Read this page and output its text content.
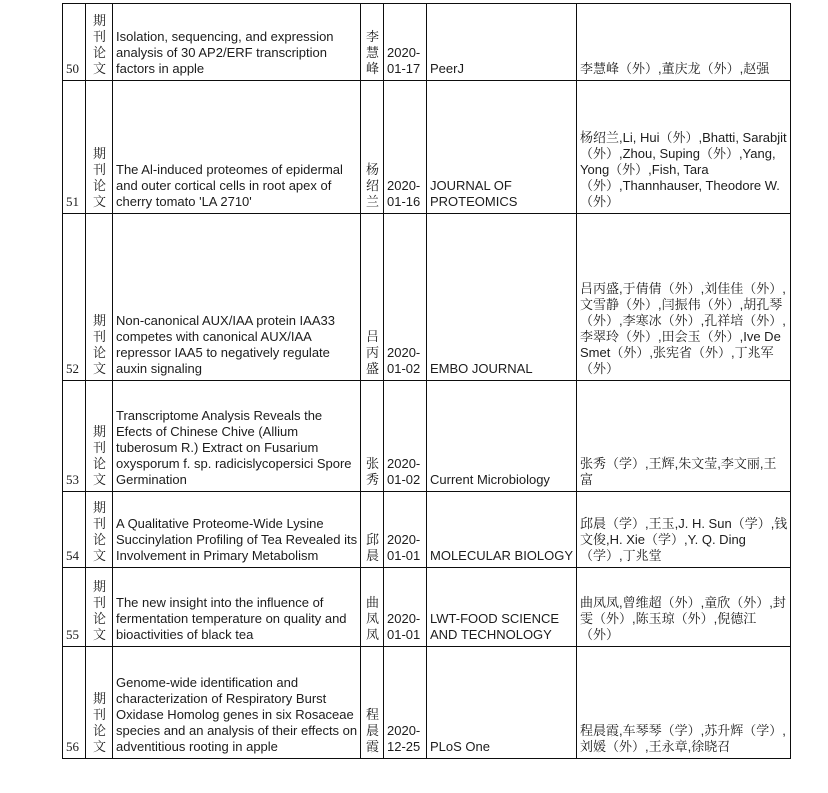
50	期刊论文	Isolation, sequencing, and expression analysis of 30 AP2/ERF transcription factors in apple	李慧峰	2020-01-17	PeerJ	李慧峰（外）,董庆龙（外）,赵强
51	期刊论文	The Al-induced proteomes of epidermal and outer cortical cells in root apex of cherry tomato 'LA 2710'	杨绍兰	2020-01-16	JOURNAL OF PROTEOMICS	杨绍兰,Li, Hui（外）,Bhatti, Sarabjit（外）,Zhou, Suping（外）,Yang, Yong（外）,Fish, Tara（外）,Thannhauser, Theodore W.（外）
52	期刊论文	Non-canonical AUX/IAA protein IAA33 competes with canonical AUX/IAA repressor IAA5 to negatively regulate auxin signaling	吕丙盛	2020-01-02	EMBO JOURNAL	吕丙盛,于倩倩（外）,刘佳佳（外）,文雪静（外）,闫振伟（外）,胡孔琴（外）,李寒冰（外）,孔祥培（外）,李翠玲（外）,田会玉（外）,Ive De Smet（外）,张宪省（外）,丁兆军（外）
53	期刊论文	Transcriptome Analysis Reveals the Efects of Chinese Chive (Allium tuberosum R.) Extract on Fusarium oxysporum f. sp. radicislycopersici Spore Germination	张秀	2020-01-02	Current Microbiology	张秀（学）,王辉,朱文莹,李文丽,王富
54	期刊论文	A Qualitative Proteome-Wide Lysine Succinylation Profiling of Tea Revealed its Involvement in Primary Metabolism	邱晨	2020-01-01	MOLECULAR BIOLOGY	邱晨（学）,王玉,J. H. Sun（学）,钱文俊,H. Xie（学）,Y. Q. Ding（学）,丁兆堂
55	期刊论文	The new insight into the influence of fermentation temperature on quality and bioactivities of black tea	曲凤凤	2020-01-01	LWT-FOOD SCIENCE AND TECHNOLOGY	曲凤凤,曾维超（外）,童欣（外）,封雯（外）,陈玉琼（外）,倪德江（外）
56	期刊论文	Genome-wide identification and characterization of Respiratory Burst Oxidase Homolog genes in six Rosaceae species and an analysis of their effects on adventitious rooting in apple	程晨霞	2020-12-25	PLoS One	程晨霞,车琴琴（学）,苏升辉（学）,刘媛（外）,王永章,徐晓召
